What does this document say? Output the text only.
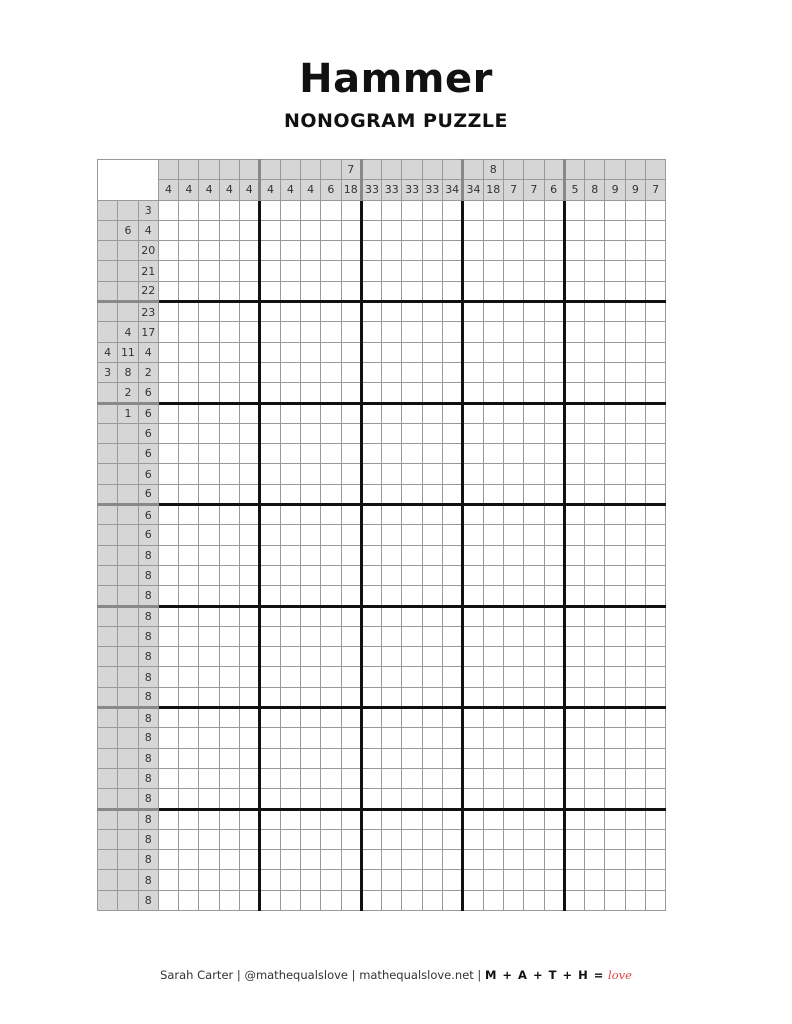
Hammer
NONOGRAM PUZZLE
												7							8								
			4	4	4	4	4	4	4	4	6	18	33	33	33	33	34	34	18	7	7	6	5	8	9	9	7
		3																									
	6	4																									
		20																									
		21																									
		22																									
		23																									
	4	17																									
4	11	4																									
3	8	2																									
	2	6																									
	1	6																									
		6																									
		6																									
		6																									
		6																									
		6																									
		6																									
		8																									
		8																									
		8																									
		8																									
		8																									
		8																									
		8																									
		8																									
		8																									
		8																									
		8																									
		8																									
		8																									
		8																									
		8																									
		8																									
		8																									
		8																									
Sarah Carter | @mathequalslove | mathequalslove.net | M + A + T + H = love
